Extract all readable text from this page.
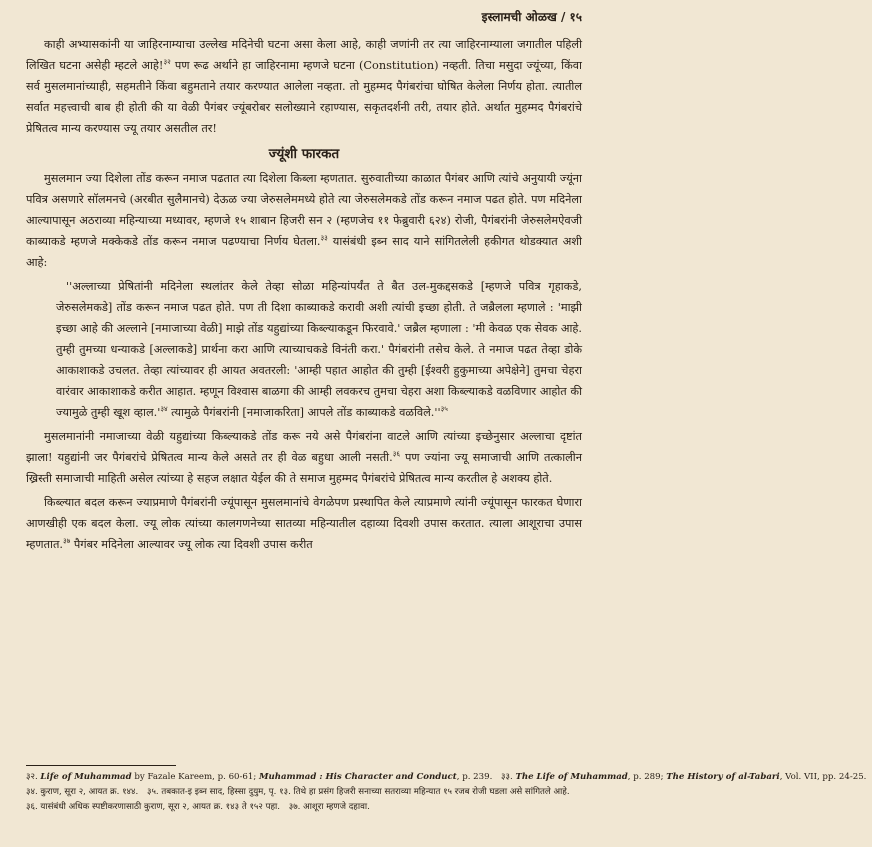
इस्लामची ओळख / १५

काही अभ्यासकांनी या जाहिरनाम्याचा उल्लेख मदिनेची घटना असा केला आहे, काही जणांनी तर त्या जाहिरनाम्याला जगातील पहिली लिखित घटना असेही म्हटले आहे!$^{३२}$ पण रूढ अर्थाने हा जाहिरनामा म्हणजे घटना (Constitution) नव्हती. तिचा मसुदा ज्यूंच्या, किंवा सर्व मुसलमानांच्याही, सहमतीने किंवा बहुमताने तयार करण्यात आलेला नव्हता. तो मुहम्मद पैगंबरांचा घोषित केलेला निर्णय होता. त्यातील सर्वात महत्त्वाची बाब ही होती की या वेळी पैगंबर ज्यूंबरोबर सलोख्याने रहाण्यास, सकृतदर्शनी तरी, तयार होते. अर्थात मुहम्मद पैगंबरांचे प्रेषितत्व मान्य करण्यास ज्यू तयार असतील तर!

ज्यूंशी फारकत

मुसलमान ज्या दिशेला तोंड करून नमाज पढतात त्या दिशेला किब्ला म्हणतात. सुरुवातीच्या काळात पैगंबर आणि त्यांचे अनुयायी ज्यूंना पवित्र असणारे सॉलमनचे (अरबीत सुलैमानचे) देऊळ ज्या जेरुसलेममध्ये होते त्या जेरुसलेमकडे तोंड करून नमाज पढत होते. पण मदिनेला आल्यापासून अठराव्या महिन्याच्या मध्यावर, म्हणजे १५ शाबान हिजरी सन २ (म्हणजेच ११ फेब्रुवारी ६२४) रोजी, पैगंबरांनी जेरुसलेमऐवजी काब्याकडे म्हणजे मक्केकडे तोंड करून नमाज पढण्याचा निर्णय घेतला.$^{३३}$ यासंबंधी इब्न साद याने सांगितलेली हकीगत थोडक्यात अशी आहे:

''अल्लाच्या प्रेषितांनी मदिनेला स्थलांतर केले तेव्हा सोळा महिन्यांपर्यंत ते बैत उल-मुकद्दसकडे [म्हणजे पवित्र गृहाकडे, जेरुसलेमकडे] तोंड करून नमाज पढत होते. पण ती दिशा काब्याकडे करावी अशी त्यांची इच्छा होती. ते जब्रैलला म्हणाले : 'माझी इच्छा आहे की अल्लाने [नमाजाच्या वेळी] माझे तोंड यहुद्यांच्या किब्ल्याकडून फिरवावे.' जब्रैल म्हणाला : 'मी केवळ एक सेवक आहे. तुम्ही तुमच्या धन्याकडे [अल्लाकडे] प्रार्थना करा आणि त्याच्याचकडे विनंती करा.' पैगंबरांनी तसेच केले. ते नमाज पढत तेव्हा डोके आकाशाकडे उचलत. तेव्हा त्यांच्यावर ही आयत अवतरली: 'आम्ही पहात आहोत की तुम्ही [ईश्वरी हुकुमाच्या अपेक्षेने] तुमचा चेहरा वारंवार आकाशाकडे करीत आहात. म्हणून विश्वास बाळगा की आम्ही लवकरच तुमचा चेहरा अशा किब्ल्याकडे वळविणार आहोत की ज्यामुळे तुम्ही खूश $व्हाल.'^{३४}$ त्यामुळे पैगंबरांनी [नमाजाकरिता] आपले तोंड काब्याकडे $वळविले.''^{३५}$

मुसलमानांनी नमाजाच्या वेळी यहुद्यांच्या किब्ल्याकडे तोंड करू नये असे पैगंबरांना वाटले आणि त्यांच्या इच्छेनुसार अल्लाचा दृष्टांत झाला! यहुद्यांनी जर पैगंबरांचे प्रेषितत्व मान्य केले असते तर ही वेळ बहुधा आली नसती.$^{३६}$ पण ज्यांना ज्यू समाजाची आणि तत्कालीन ख्रिस्ती समाजाची माहिती असेल त्यांच्या हे सहज लक्षात येईल की ते समाज मुहम्मद पैगंबरांचे प्रेषितत्व मान्य करतील हे अशक्य होते.

किब्ल्यात बदल करून ज्याप्रमाणे पैगंबरांनी ज्यूंपासून मुसलमानांचे वेगळेपण प्रस्थापित केले त्याप्रमाणे त्यांनी ज्यूंपासून फारकत घेणारा आणखीही एक बदल केला. ज्यू लोक त्यांच्या कालगणनेच्या सातव्या महिन्यातील दहाव्या दिवशी उपास करतात. त्याला आशूराचा उपास म्हणतात.$^{३७}$ पैगंबर मदिनेला आल्यावर ज्यू लोक त्या दिवशी उपास करीत

३२. Life of Muhammad by Fazale Kareem, p. 60-61; Muhammad : His Character and Conduct, p. 239. ३३. The Life of Muhammad, p. 289; The History of al-Tabari, Vol. VII, pp. 24-25.
३४. कुराण, सूरा २, आयत क्र. १४४. ३५. तबकात-इ इब्न साद, हिस्सा दुयुम, पृ. १३. तिथे हा प्रसंग हिजरी सनाच्या सतराव्या महिन्यात १५ रजब रोजी घडला असे सांगितले आहे.
३६. यासंबंधी अधिक स्पष्टीकरणासाठी कुराण, सूरा २, आयत क्र. १४३ ते १५२ पहा. ३७. आशूरा म्हणजे दहावा.
